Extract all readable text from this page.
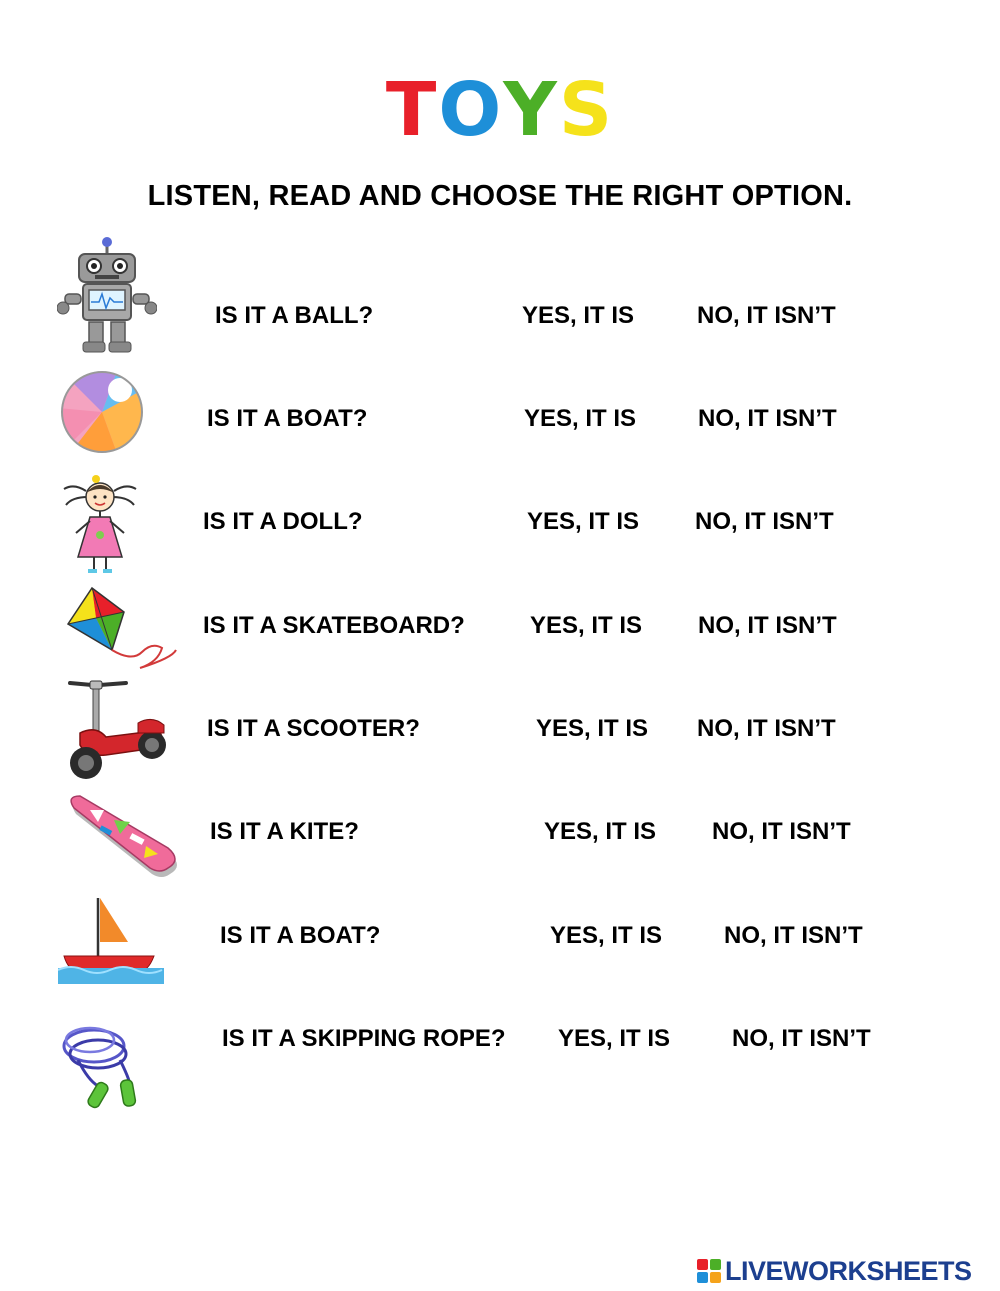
TOYS
LISTEN, READ AND CHOOSE THE RIGHT OPTION.
IS IT A BALL?	YES, IT IS	NO, IT ISN’T
IS IT A BOAT?	YES, IT IS	NO, IT ISN’T
IS IT A DOLL?	YES, IT IS NO, IT ISN’T
IS IT A SKATEBOARD?	YES, IT IS NO, IT ISN’T
IS IT A SCOOTER?	YES, IT IS NO, IT ISN’T
IS IT A KITE?	YES, IT IS NO, IT ISN’T
IS IT A BOAT?	YES, IT IS	NO, IT ISN’T
IS IT A SKIPPING ROPE? YES, IT IS	NO, IT ISN’T
LIVEWORKSHEETS
